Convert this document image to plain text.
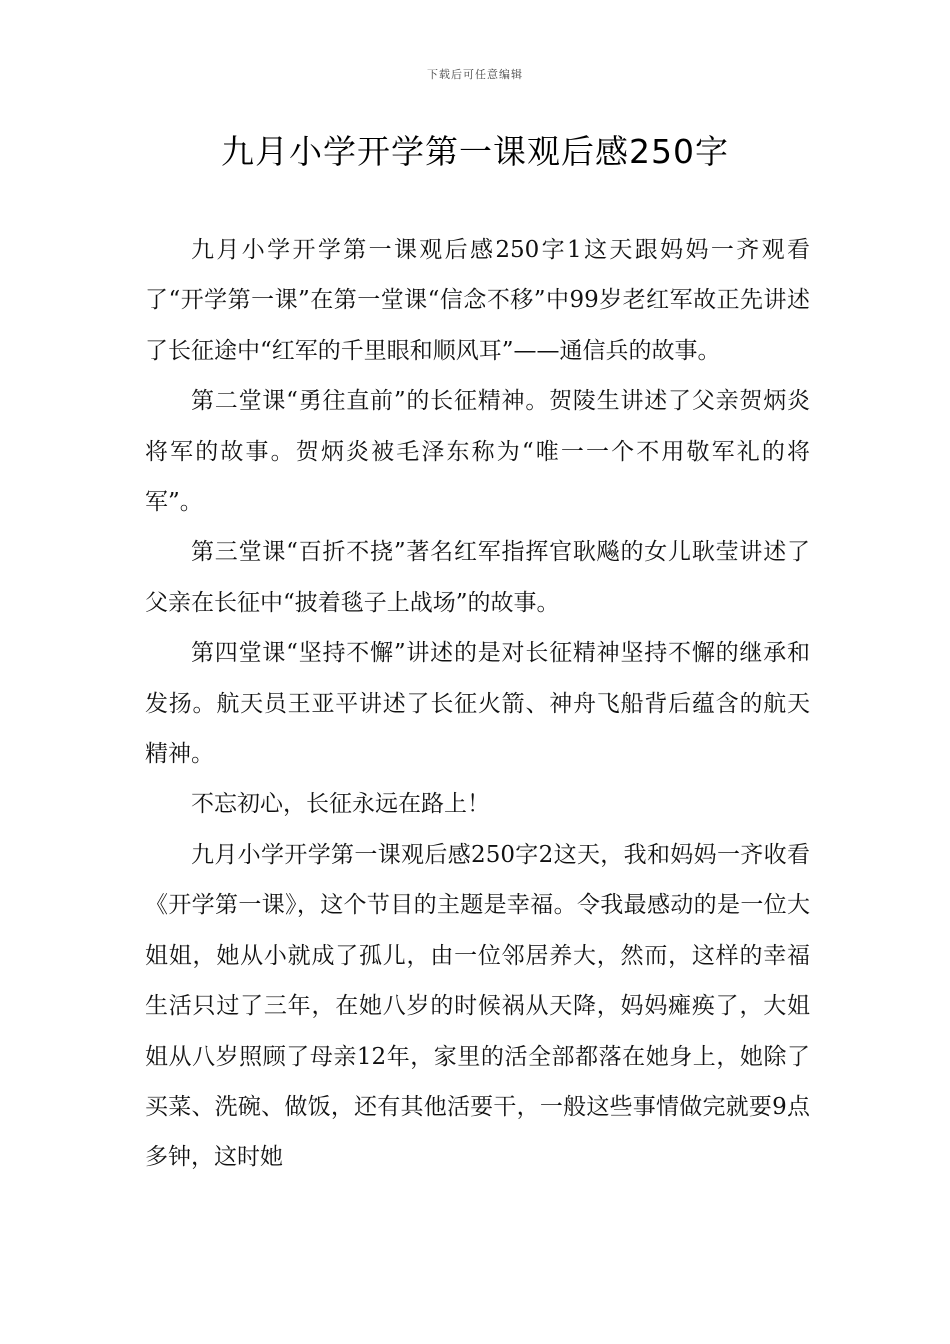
下载后可任意编辑
九月小学开学第一课观后感250字

九月小学开学第一课观后感250字1这天跟妈妈一齐观看了“开学第一课”在第一堂课“信念不移”中99岁老红军故正先讲述了长征途中“红军的千里眼和顺风耳”——通信兵的故事。

第二堂课“勇往直前”的长征精神。贺陵生讲述了父亲贺炳炎将军的故事。贺炳炎被毛泽东称为“唯一一个不用敬军礼的将军”。

第三堂课“百折不挠”著名红军指挥官耿飚的女儿耿莹讲述了父亲在长征中“披着毯子上战场”的故事。

第四堂课“坚持不懈”讲述的是对长征精神坚持不懈的继承和发扬。航天员王亚平讲述了长征火箭、神舟飞船背后蕴含的航天精神。

不忘初心，长征永远在路上！

九月小学开学第一课观后感250字2这天，我和妈妈一齐收看《开学第一课》，这个节目的主题是幸福。令我最感动的是一位大姐姐，她从小就成了孤儿，由一位邻居养大，然而，这样的幸福生活只过了三年，在她八岁的时候祸从天降，妈妈瘫痪了，大姐姐从八岁照顾了母亲12年，家里的活全部都落在她身上，她除了买菜、洗碗、做饭，还有其他活要干，一般这些事情做完就要9点多钟，这时她
